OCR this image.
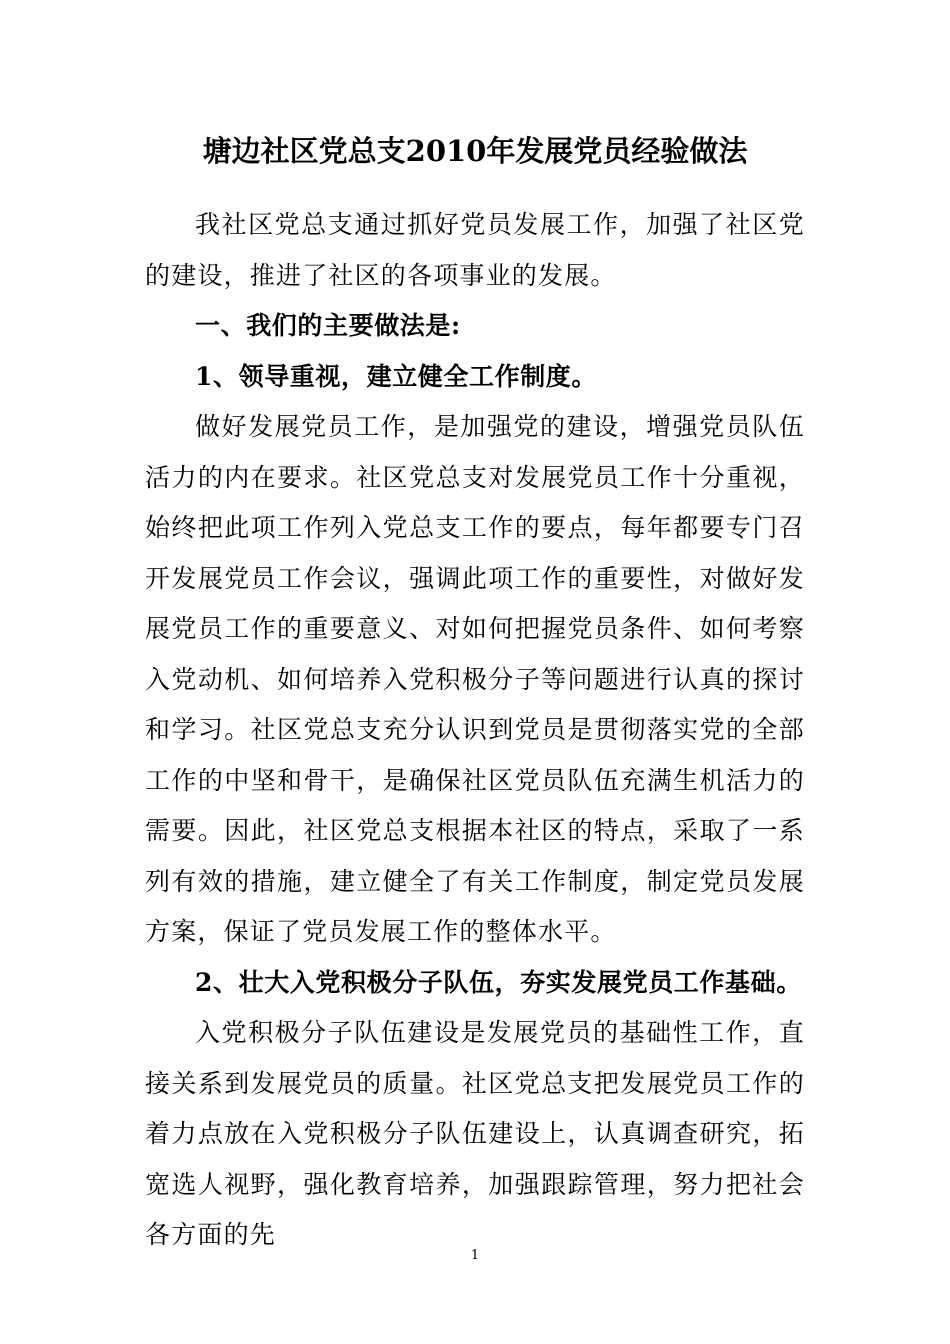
塘边社区党总支2010年发展党员经验做法

我社区党总支通过抓好党员发展工作，加强了社区党的建设，推进了社区的各项事业的发展。

一、我们的主要做法是:

1、领导重视，建立健全工作制度。

做好发展党员工作，是加强党的建设，增强党员队伍活力的内在要求。社区党总支对发展党员工作十分重视，始终把此项工作列入党总支工作的要点，每年都要专门召开发展党员工作会议，强调此项工作的重要性，对做好发展党员工作的重要意义、对如何把握党员条件、如何考察入党动机、如何培养入党积极分子等问题进行认真的探讨和学习。社区党总支充分认识到党员是贯彻落实党的全部工作的中坚和骨干，是确保社区党员队伍充满生机活力的需要。因此，社区党总支根据本社区的特点，采取了一系列有效的措施，建立健全了有关工作制度，制定党员发展方案，保证了党员发展工作的整体水平。

2、壮大入党积极分子队伍，夯实发展党员工作基础。

入党积极分子队伍建设是发展党员的基础性工作，直接关系到发展党员的质量。社区党总支把发展党员工作的着力点放在入党积极分子队伍建设上，认真调查研究，拓宽选人视野，强化教育培养，加强跟踪管理，努力把社会各方面的先

1
